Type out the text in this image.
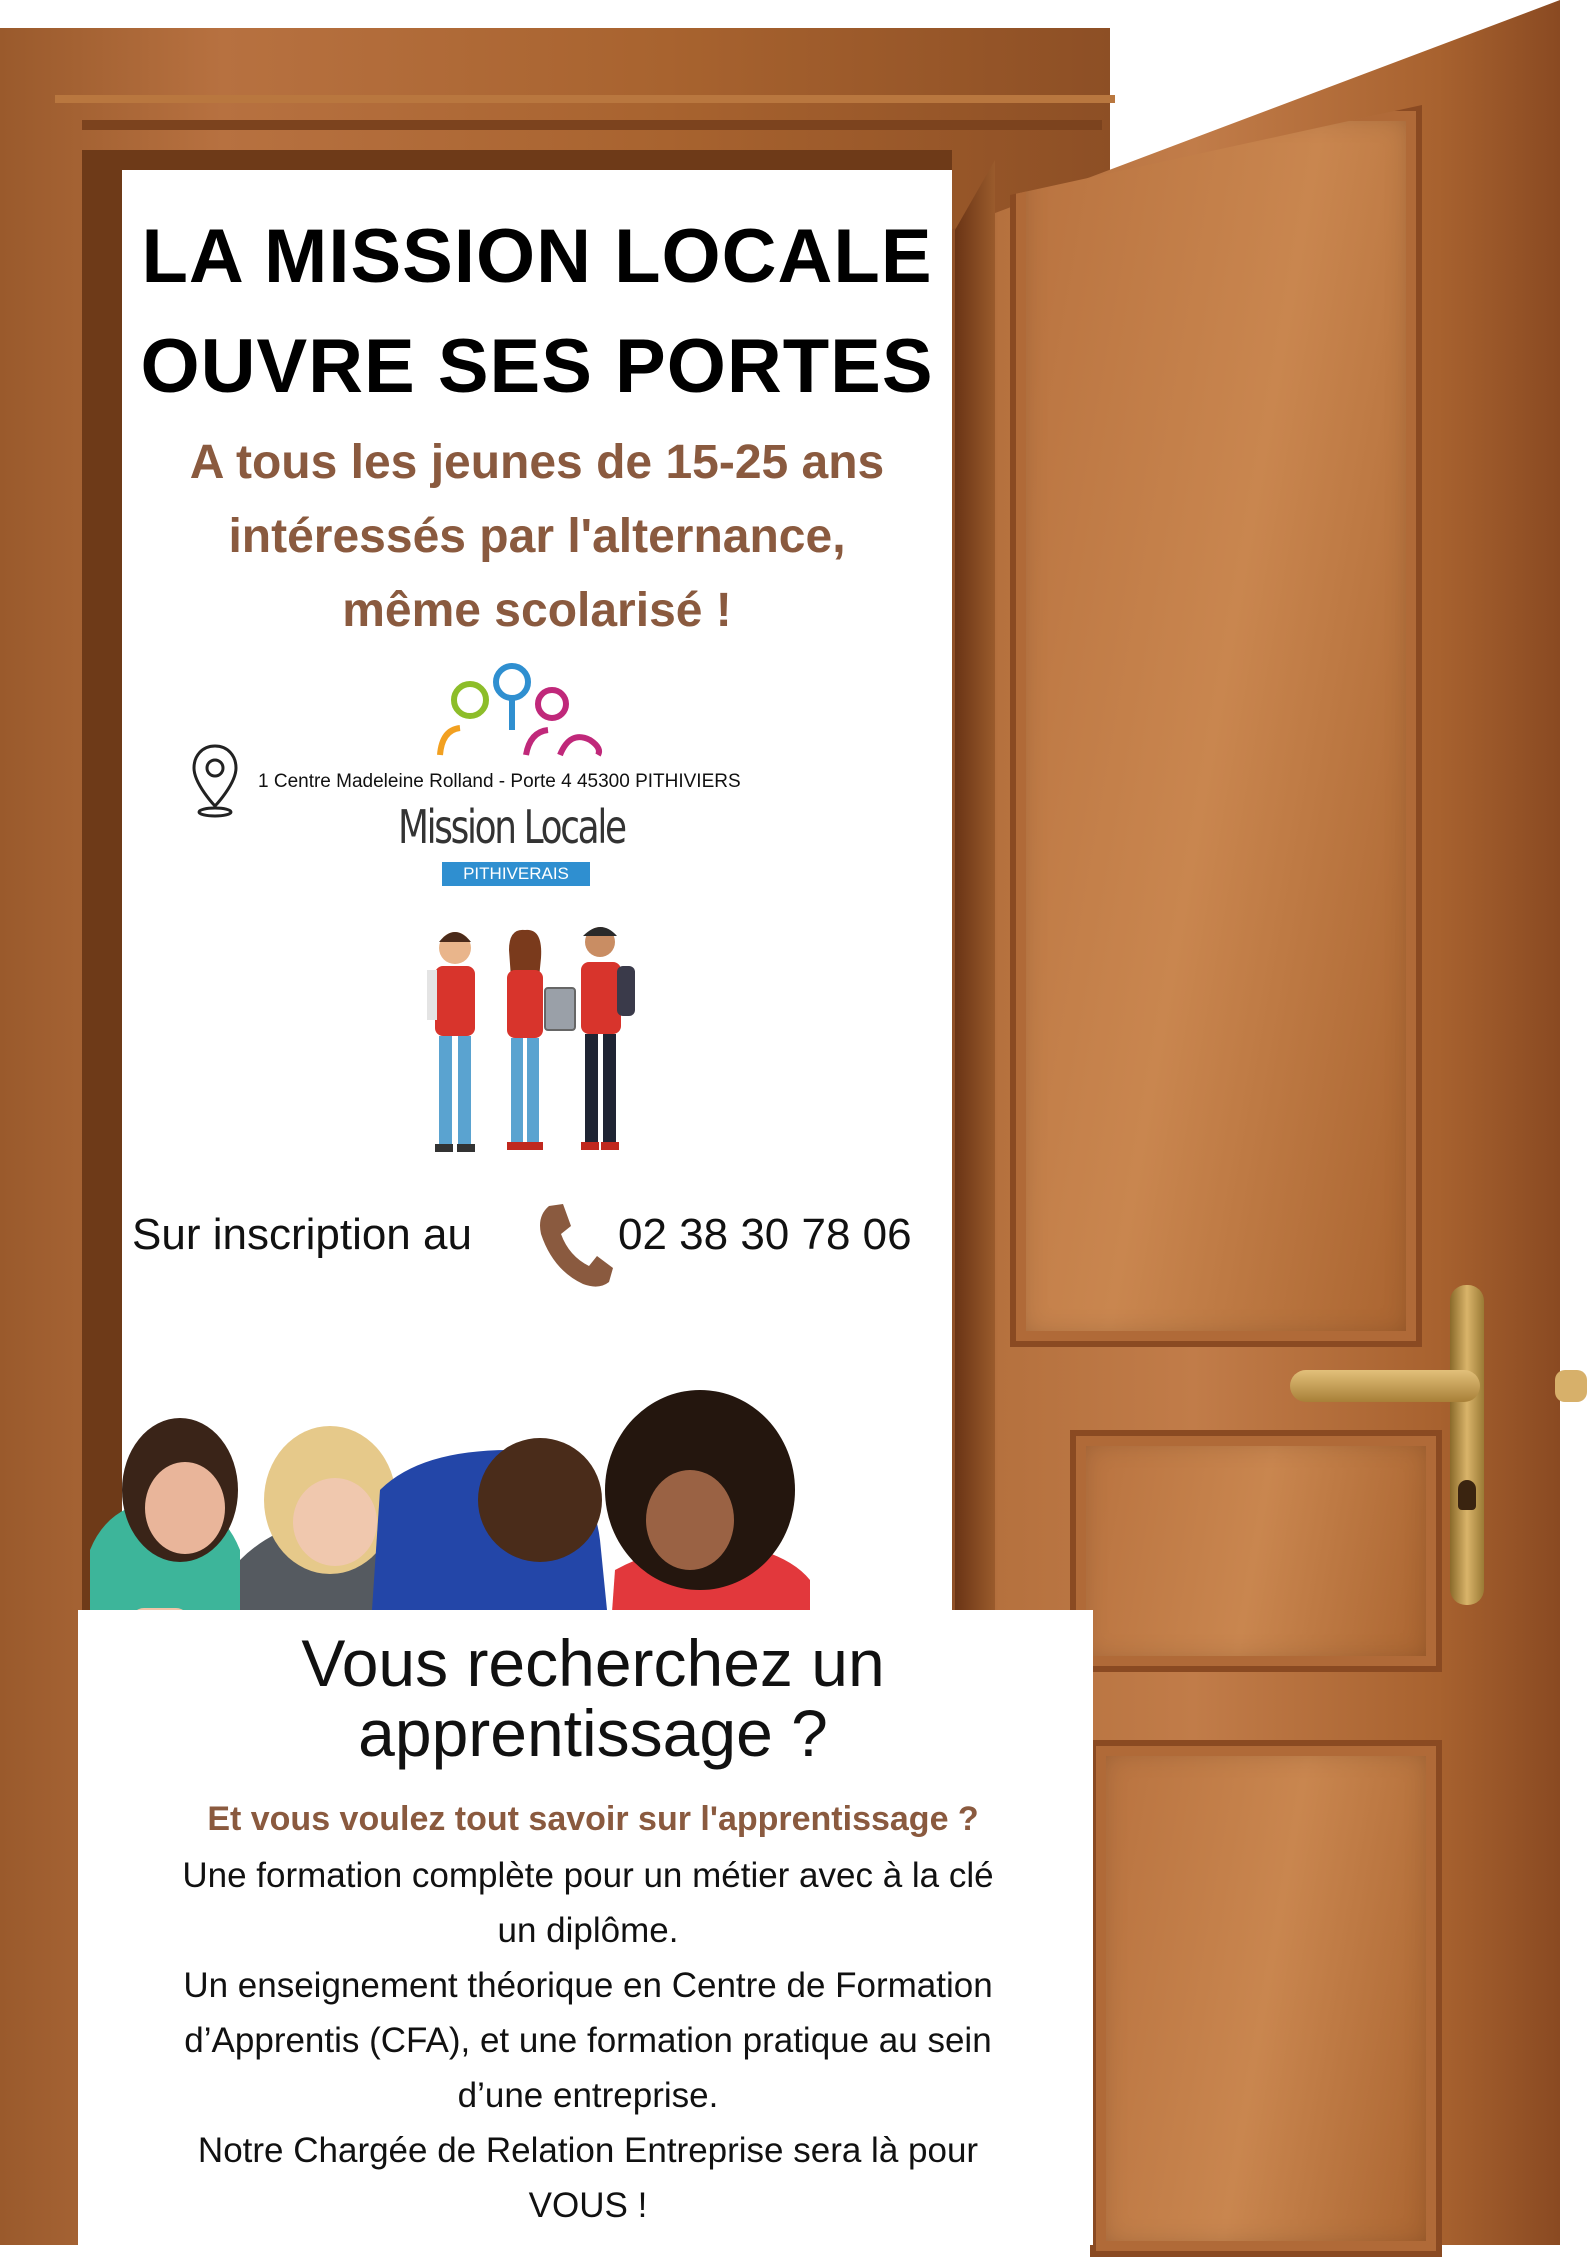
LA MISSION LOCALE
OUVRE SES PORTES
A tous les jeunes de 15-25 ans
intéressés par l'alternance,
même scolarisé !
1 Centre Madeleine Rolland - Porte 4 45300 PITHIVIERS
Mission Locale
PITHIVERAIS
Sur inscription au	02 38 30 78 06
Vous recherchez un
apprentissage ?
Et vous voulez tout savoir sur l'apprentissage ?
Une formation complète pour un métier avec à la clé
un diplôme.
Un enseignement théorique en Centre de Formation
d’Apprentis (CFA), et une formation pratique au sein
d’une entreprise.
Notre Chargée de Relation Entreprise sera là pour
VOUS !
